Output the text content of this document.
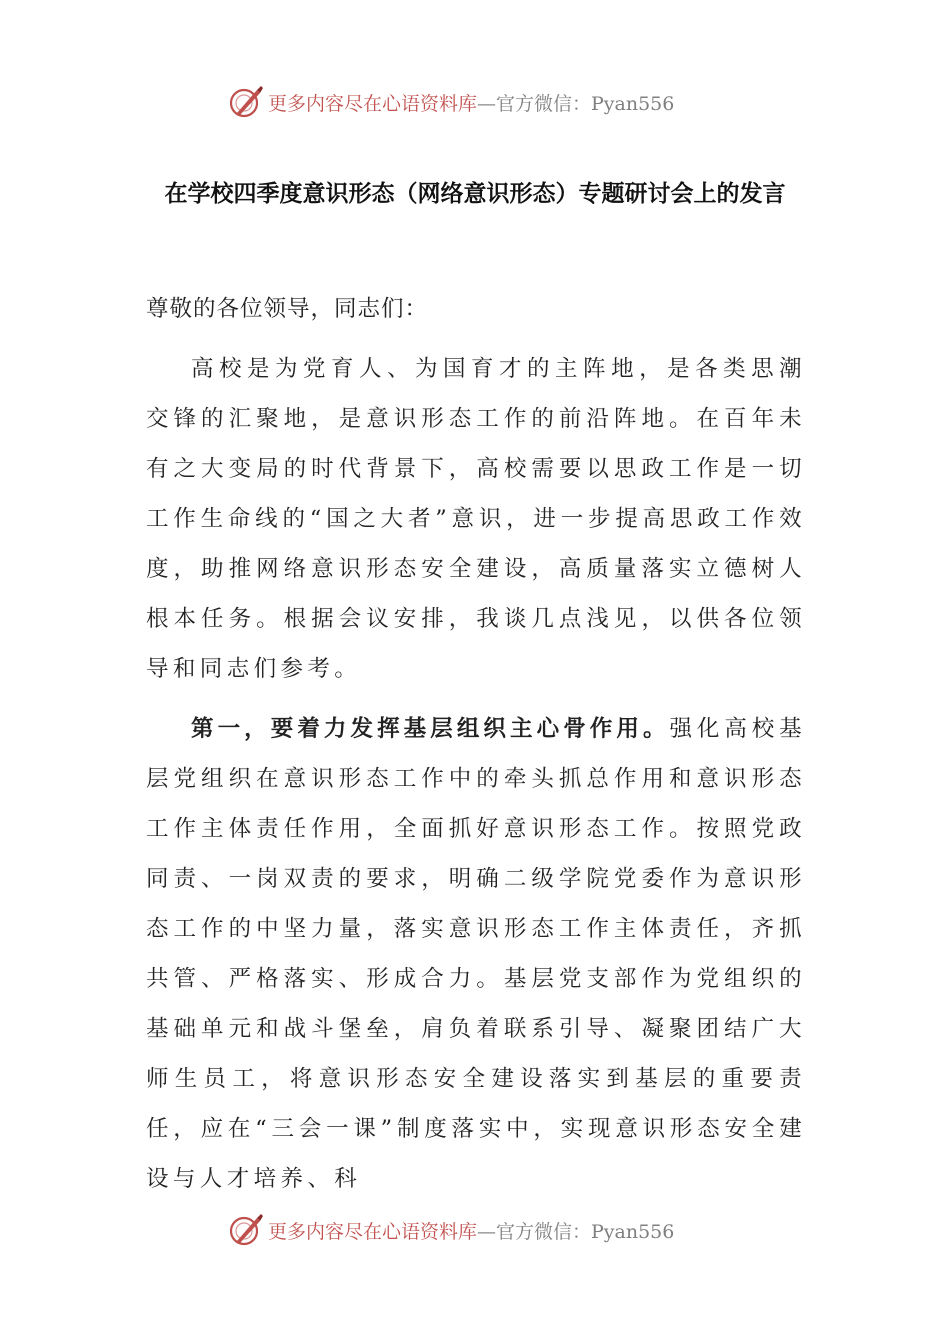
更多内容尽在心语资料库—官方微信：Pyan556
在学校四季度意识形态（网络意识形态）专题研讨会上的发言
尊敬的各位领导，同志们：
高校是为党育人、为国育才的主阵地，是各类思潮交锋的汇聚地，是意识形态工作的前沿阵地。在百年未有之大变局的时代背景下，高校需要以思政工作是一切工作生命线的“国之大者”意识，进一步提高思政工作效度，助推网络意识形态安全建设，高质量落实立德树人根本任务。根据会议安排，我谈几点浅见，以供各位领导和同志们参考。
第一，要着力发挥基层组织主心骨作用。强化高校基层党组织在意识形态工作中的牵头抓总作用和意识形态工作主体责任作用，全面抓好意识形态工作。按照党政同责、一岗双责的要求，明确二级学院党委作为意识形态工作的中坚力量，落实意识形态工作主体责任，齐抓共管、严格落实、形成合力。基层党支部作为党组织的基础单元和战斗堡垒，肩负着联系引导、凝聚团结广大师生员工，将意识形态安全建设落实到基层的重要责任，应在“三会一课”制度落实中，实现意识形态安全建设与人才培养、科
更多内容尽在心语资料库—官方微信：Pyan556
